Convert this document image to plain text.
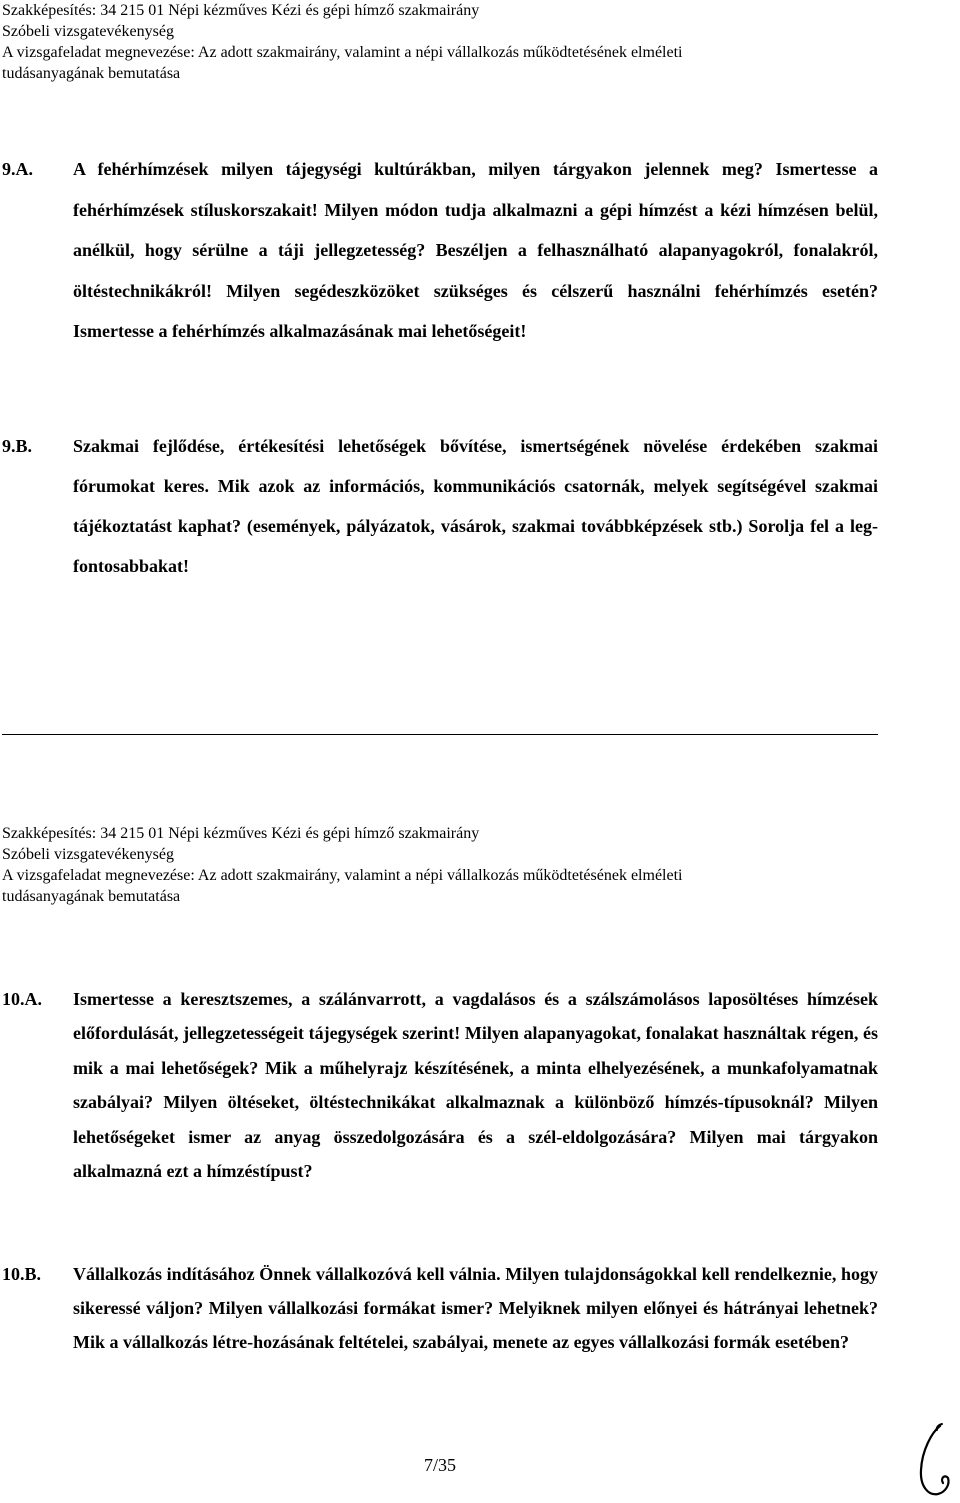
Szakképesítés: 34 215 01 Népi kézműves Kézi és gépi hímző szakmairány
Szóbeli vizsgatevékenység
A vizsgafeladat megnevezése: Az adott szakmairány, valamint a népi vállalkozás működtetésének elméleti
tudásanyagának bemutatása
9.A. A fehérhímzések milyen tájegységi kultúrákban, milyen tárgyakon jelennek meg? Ismertesse a fehérhímzések stíluskorszakait! Milyen módon tudja alkalmazni a gépi hímzést a kézi hímzésen belül, anélkül, hogy sérülne a táji jellegzetesség? Beszéljen a felhasználható alapanyagokról, fonalakról, öltéstechnikákról! Milyen segédeszközöket szükséges és célszerű használni fehérhímzés esetén? Ismertesse a fehérhímzés alkalmazásának mai lehetőségeit!
9.B. Szakmai fejlődése, értékesítési lehetőségek bővítése, ismertségének növelése érdekében szakmai fórumokat keres. Mik azok az információs, kommunikációs csatornák, melyek segítségével szakmai tájékoztatást kaphat? (események, pályázatok, vásárok, szakmai továbbképzések stb.) Sorolja fel a leg-fontosabbakat!
Szakképesítés: 34 215 01 Népi kézműves Kézi és gépi hímző szakmairány
Szóbeli vizsgatevékenység
A vizsgafeladat megnevezése: Az adott szakmairány, valamint a népi vállalkozás működtetésének elméleti
tudásanyagának bemutatása
10.A. Ismertesse a keresztszemes, a szálánvarrott, a vagdalásos és a szálszámolásos laposöltéses hímzések előfordulását, jellegzetességeit tájegységek szerint! Milyen alapanyagokat, fonalakat használtak régen, és mik a mai lehetőségek? Mik a műhelyrajz készítésének, a minta elhelyezésének, a munkafolyamatnak szabályai? Milyen öltéseket, öltéstechnikákat alkalmaznak a különböző hímzés-típusoknál? Milyen lehetőségeket ismer az anyag összedolgozására és a szél-eldolgozására? Milyen mai tárgyakon alkalmazná ezt a hímzéstípust?
10.B. Vállalkozás indításához Önnek vállalkozóvá kell válnia. Milyen tulajdonságokkal kell rendelkeznie, hogy sikeressé váljon? Milyen vállalkozási formákat ismer? Melyiknek milyen előnyei és hátrányai lehetnek? Mik a vállalkozás létre-hozásának feltételei, szabályai, menete az egyes vállalkozási formák esetében?
7/35
